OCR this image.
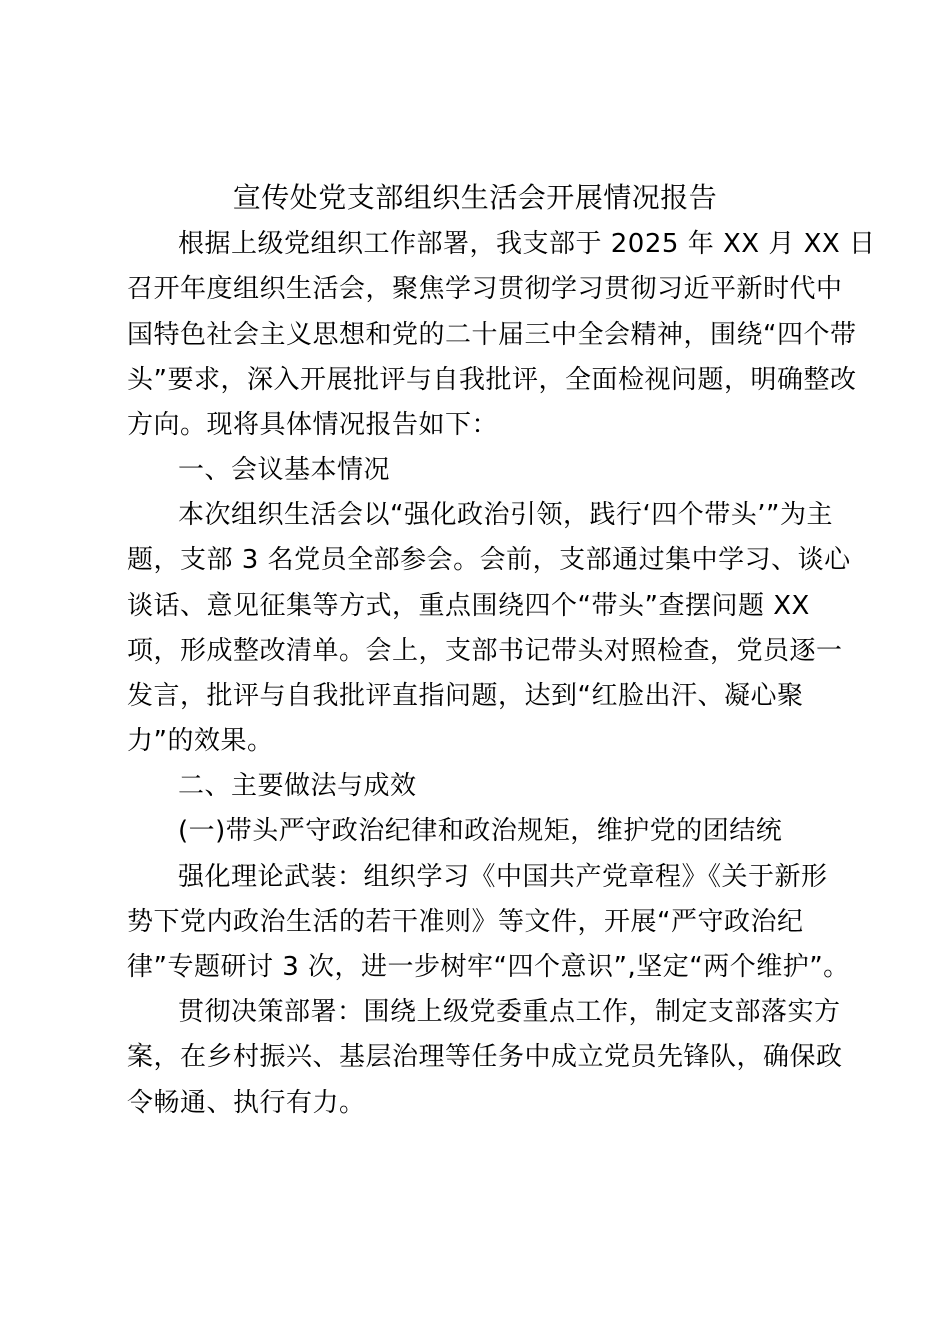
宣传处党支部组织生活会开展情况报告
根据上级党组织工作部署，我支部于 2025 年 XX 月 XX 日
召开年度组织生活会，聚焦学习贯彻学习贯彻习近平新时代中
国特色社会主义思想和党的二十届三中全会精神，围绕“四个带
头”要求，深入开展批评与自我批评，全面检视问题，明确整改
方向。现将具体情况报告如下：
一、会议基本情况
本次组织生活会以“强化政治引领，践行‘四个带头’”为主
题，支部 3 名党员全部参会。会前，支部通过集中学习、谈心
谈话、意见征集等方式，重点围绕四个“带头”查摆问题 XX
项，形成整改清单。会上，支部书记带头对照检查，党员逐一
发言，批评与自我批评直指问题，达到“红脸出汗、凝心聚
力”的效果。
二、主要做法与成效
(一)带头严守政治纪律和政治规矩，维护党的团结统
强化理论武装：组织学习《中国共产党章程》《关于新形
势下党内政治生活的若干准则》等文件，开展“严守政治纪
律”专题研讨 3 次，进一步树牢“四个意识”,坚定“两个维护”。
贯彻决策部署：围绕上级党委重点工作，制定支部落实方
案，在乡村振兴、基层治理等任务中成立党员先锋队，确保政
令畅通、执行有力。
